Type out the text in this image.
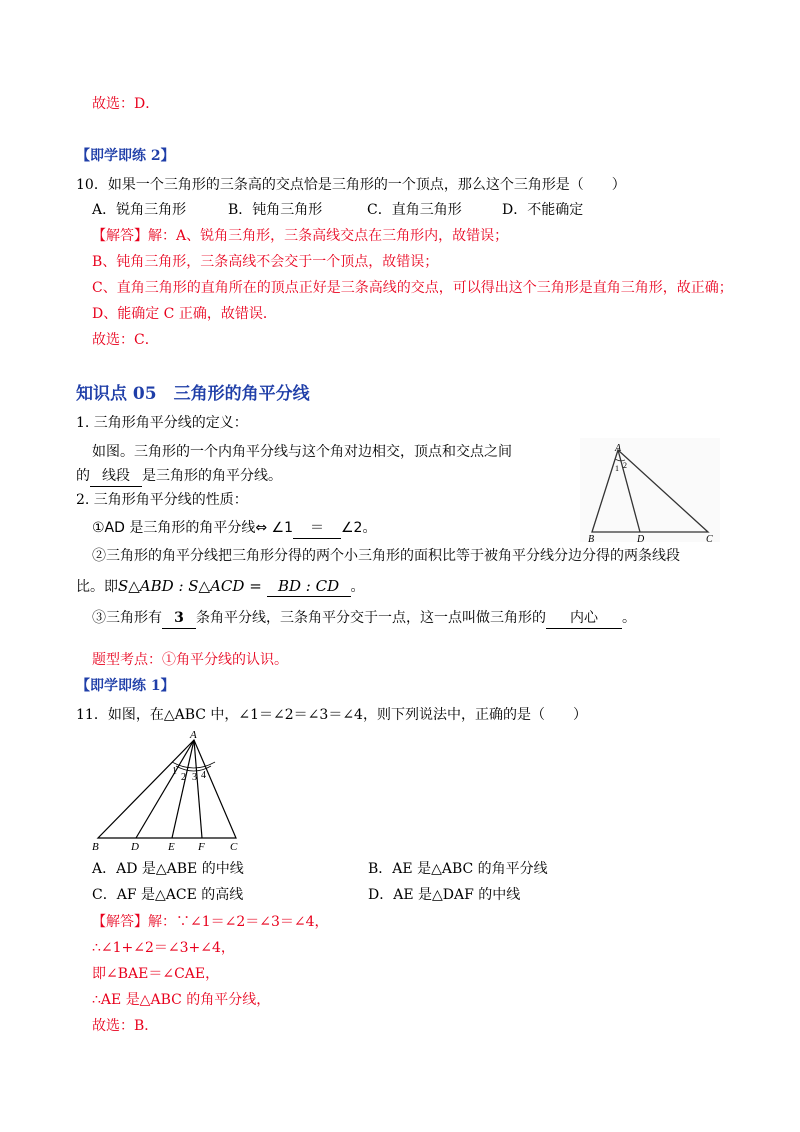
故选：D．
【即学即练 2】
10．如果一个三角形的三条高的交点恰是三角形的一个顶点，那么这个三角形是（　　）
A．锐角三角形	B．钝角三角形	C．直角三角形	D．不能确定
【解答】解：A、锐角三角形，三条高线交点在三角形内，故错误；
B、钝角三角形，三条高线不会交于一个顶点，故错误；
C、直角三角形的直角所在的顶点正好是三条高线的交点，可以得出这个三角形是直角三角形，故正确；
D、能确定 C 正确，故错误．
故选：C．
知识点 05　三角形的角平分线
1. 三角形角平分线的定义：
如图。三角形的一个内角平分线与这个角对边相交，顶点和交点之间
的 线段 是三角形的角平分线。
2. 三角形角平分线的性质：
①AD 是三角形的角平分线⇔ ∠1 ＝ ∠2。
②三角形的角平分线把三角形分得的两个小三角形的面积比等于被角平分线分边分得的两条线段
比。即S△ABD : S△ACD = BD : CD 。
③三角形有 3 条角平分线，三条角平分交于一点，这一点叫做三角形的 内心 。
题型考点：①角平分线的认识。
A
1 2
B	D	C
【即学即练 1】
11．如图，在△ABC 中，∠1＝∠2＝∠3＝∠4，则下列说法中，正确的是（　　）
A
1
2 3 4
B	D	E F C
A．AD 是△ABE 的中线	B．AE 是△ABC 的角平分线
C．AF 是△ACE 的高线	D．AE 是△DAF 的中线
【解答】解：∵∠1＝∠2＝∠3＝∠4，
∴∠1+∠2＝∠3+∠4，
即∠BAE＝∠CAE，
∴AE 是△ABC 的角平分线，
故选：B．
